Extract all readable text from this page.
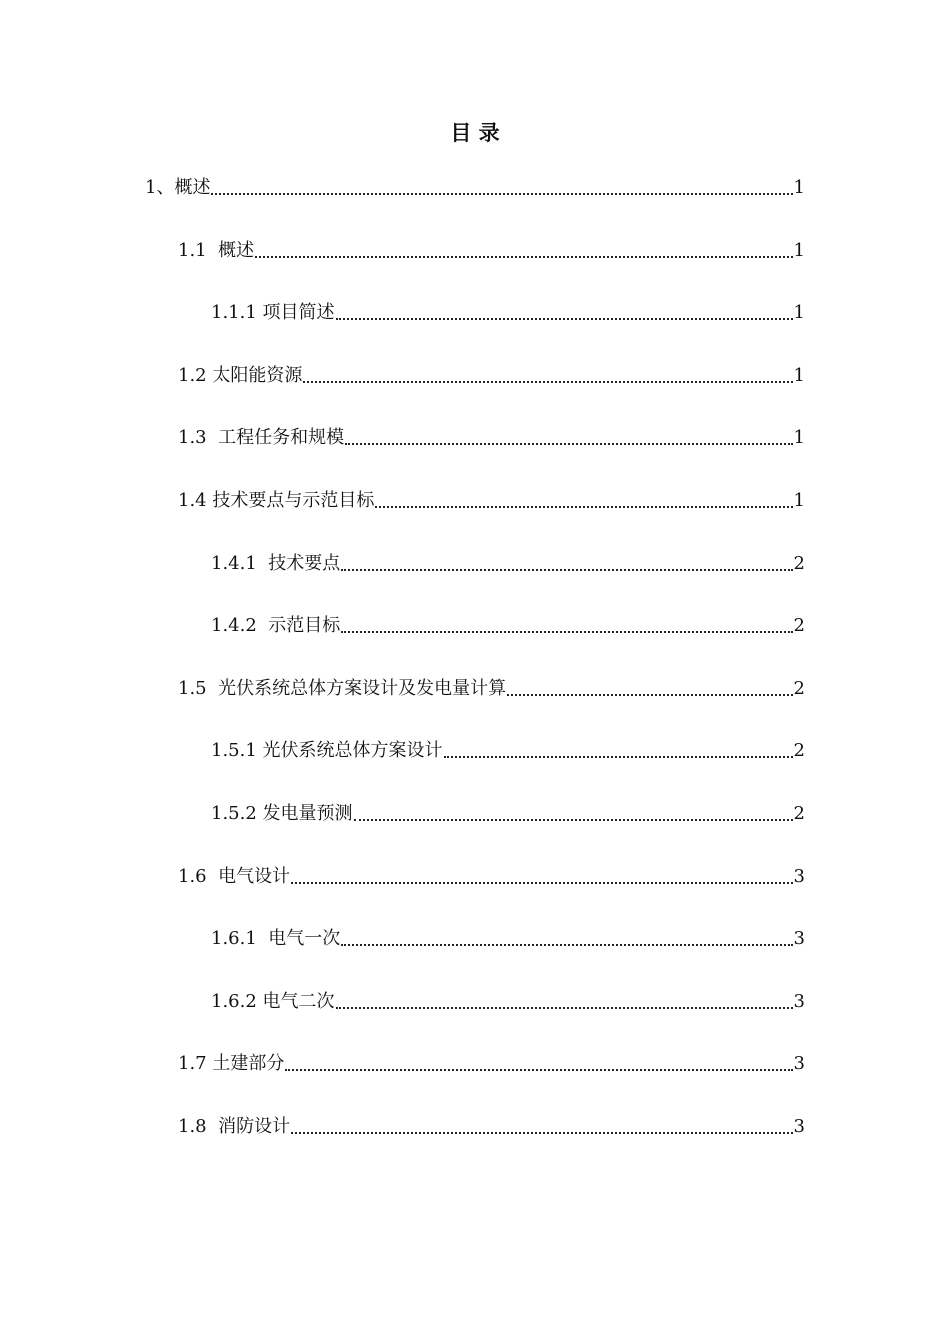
目 录
1、概述	1
1.1  概述	1
1.1.1 项目简述	1
1.2 太阳能资源	1
1.3  工程任务和规模	1
1.4 技术要点与示范目标	1
1.4.1  技术要点	2
1.4.2  示范目标	2
1.5  光伏系统总体方案设计及发电量计算	2
1.5.1 光伏系统总体方案设计	2
1.5.2 发电量预测	2
1.6  电气设计	3
1.6.1  电气一次	3
1.6.2 电气二次	3
1.7 土建部分	3
1.8  消防设计	3
